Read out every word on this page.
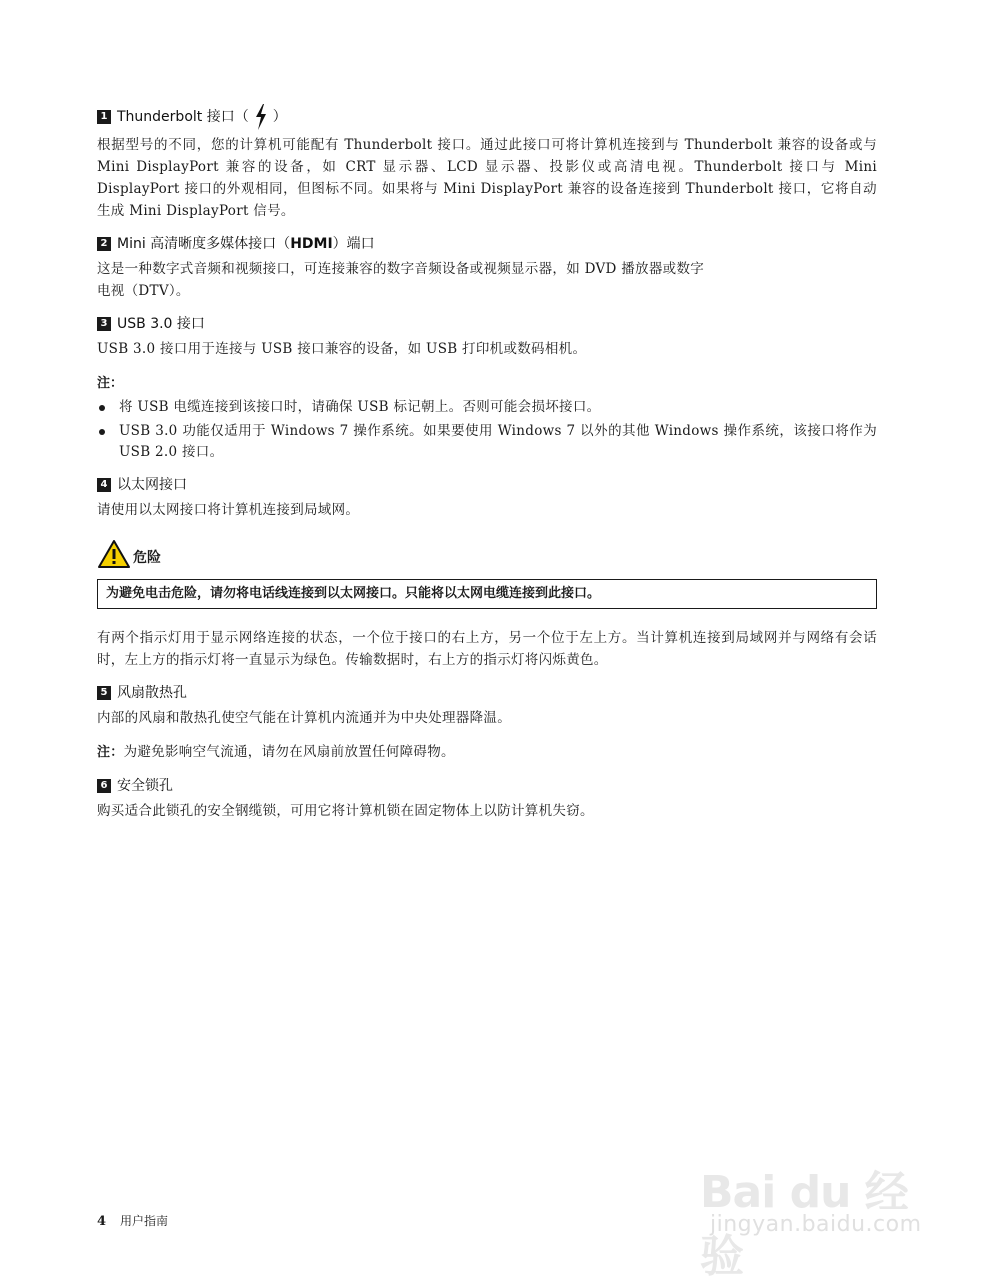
1 Thunderbolt 接口（ ）

根据型号的不同，您的计算机可能配有 Thunderbolt 接口。通过此接口可将计算机连接到与 Thunderbolt 兼容的设备或与 Mini DisplayPort 兼容的设备，如 CRT 显示器、LCD 显示器、投影仪或高清电视。Thunderbolt 接口与 Mini DisplayPort 接口的外观相同，但图标不同。如果将与 Mini DisplayPort 兼容的设备连接到 Thunderbolt 接口，它将自动生成 Mini DisplayPort 信号。

2 Mini 高清晰度多媒体接口（ HDMI ）端口

这是一种数字式音频和视频接口，可连接兼容的数字音频设备或视频显示器，如 DVD 播放器或数字
电视（DTV）。

3 USB 3.0 接口

USB 3.0 接口用于连接与 USB 接口兼容的设备，如 USB 打印机或数码相机。

注：

将 USB 电缆连接到该接口时，请确保 USB 标记朝上。否则可能会损坏接口。
USB 3.0 功能仅适用于 Windows 7 操作系统。如果要使用 Windows 7 以外的其他 Windows 操作系统，该接口将作为 USB 2.0 接口。
4 以太网接口

请使用以太网接口将计算机连接到局域网。

危险
为避免电击危险，请勿将电话线连接到以太网接口。只能将以太网电缆连接到此接口。

有两个指示灯用于显示网络连接的状态，一个位于接口的右上方，另一个位于左上方。当计算机连接到局域网并与网络有会话时，左上方的指示灯将一直显示为绿色。传输数据时，右上方的指示灯将闪烁黄色。

5 风扇散热孔

内部的风扇和散热孔使空气能在计算机内流通并为中央处理器降温。

注：为避免影响空气流通，请勿在风扇前放置任何障碍物。

6 安全锁孔

购买适合此锁孔的安全钢缆锁，可用它将计算机锁在固定物体上以防计算机失窃。

4 用户指南
Bai du 经验
jingyan.baidu.com
